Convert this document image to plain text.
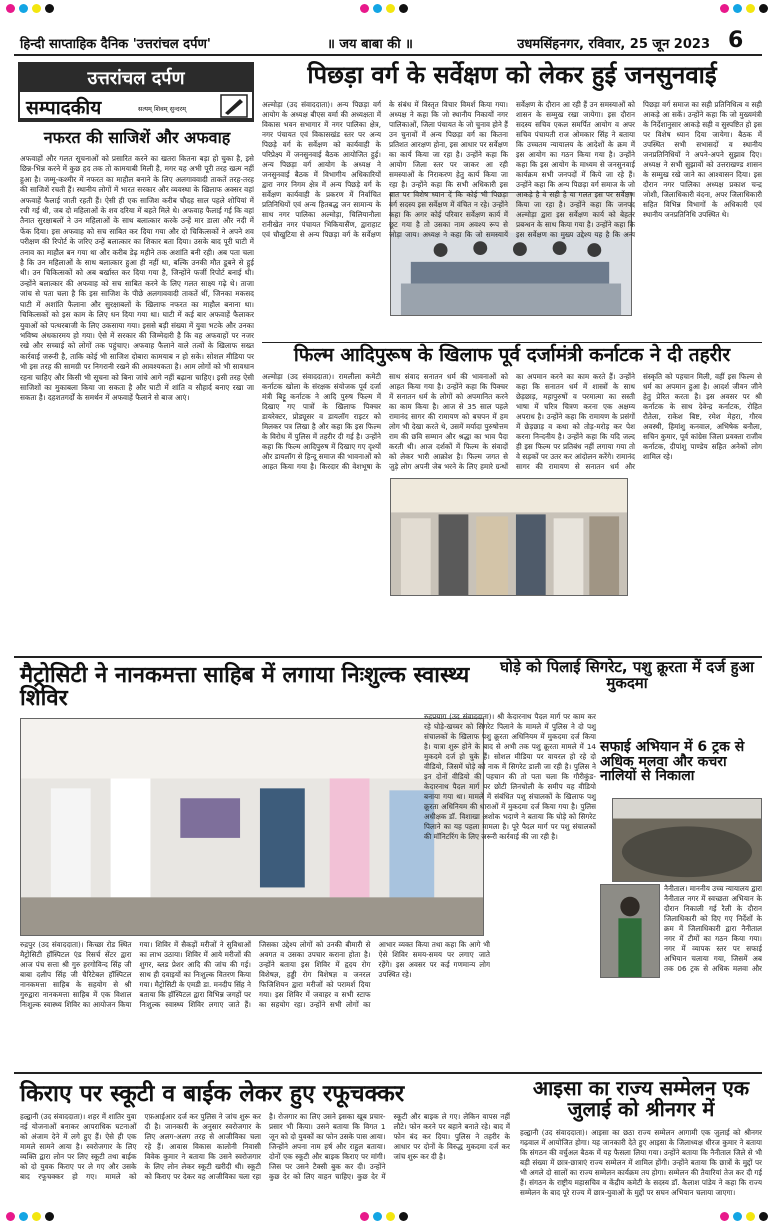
हिन्दी साप्ताहिक दैनिक 'उत्तरांचल दर्पण'	॥ जय बाबा की ॥	उधमसिंहनगर, रविवार, 25 जून 2023 6
उत्तरांचल दर्पण
सम्पादकीय	सत्यम् शिवम् सुन्दरम्
नफरत की साजिशें और अफवाह
अफवाहों और गलत सूचनाओं को प्रसारित करने का खतरा कितना बड़ा हो चुका है, इसे छिन्न-भिन्न करने में कुछ हद तक तो कामयाबी मिली है, मगर यह अभी पूरी तरह खत्म नहीं हुआ है। जम्मू-कश्मीर में नफरत का माहौल बनाने के लिए अलगाववादी ताकतें तरह-तरह की साजिशें रचती हैं। स्थानीय लोगों में भारत सरकार और व्यवस्था के खिलाफ अक्सर वहां अफवाहें फैलाई जाती रहती हैं। ऐसी ही एक साजिश करीब चौदह साल पहले शोपियां में रची गई थी, जब दो महिलाओं के शव दरिया में बहते मिले थे। अफवाह फैलाई गई कि वहां तैनात सुरक्षाबलों ने उन महिलाओं के साथ बलात्कार करके उन्हें मार डाला और नदी में फेंक दिया। इस अफवाह को सच साबित कर दिया गया और दो चिकित्सकों ने अपने शव परीक्षण की रिपोर्ट के जरिए उन्हें बलात्कार का शिकार बता दिया। उसके बाद पूरी घाटी में तनाव का माहौल बन गया था और करीब डेढ़ महीने तक अशांति बनी रही। अब पता चला है कि उन महिलाओं के साथ बलात्कार हुआ ही नहीं था, बल्कि उनकी मौत डूबने से हुई थी। उन चिकित्सकों को अब बर्खास्त कर दिया गया है, जिन्होंने फर्जी रिपोर्ट बनाई थी। उन्होंने बलात्कार की अफवाह को सच साबित करने के लिए गलत साक्ष्य गढ़े थे। ताजा जांच से पता चला है कि इस साजिश के पीछे अलगाववादी ताकतें थीं, जिनका मकसद घाटी में अशांति फैलाना और सुरक्षाबलों के खिलाफ नफरत का माहौल बनाना था। चिकित्सकों को इस काम के लिए धन दिया गया था। घाटी में कई बार अफवाहें फैलाकर युवाओं को पत्थरबाजी के लिए उकसाया गया। इससे बड़ी संख्या में युवा भटके और उनका भविष्य अंधकारमय हो गया। ऐसे में सरकार की जिम्मेदारी है कि वह अफवाहों पर नजर रखे और सच्चाई को लोगों तक पहुंचाए। अफवाह फैलाने वाले तत्वों के खिलाफ सख्त कार्रवाई जरूरी है, ताकि कोई भी साजिश दोबारा कामयाब न हो सके। सोशल मीडिया पर भी इस तरह की सामग्री पर निगरानी रखने की आवश्यकता है। आम लोगों को भी सावधान रहना चाहिए और किसी भी सूचना को बिना जांचे आगे नहीं बढ़ाना चाहिए। इसी तरह ऐसी साजिशों का मुकाबला किया जा सकता है और घाटी में शांति व सौहार्द बनाए रखा जा सकता है। दहशतगर्दों के समर्थन में अफवाहें फैलाने से बाज आएं।
पिछड़ा वर्ग के सर्वेक्षण को लेकर हुई जनसुनवाई
अल्मोड़ा (उद संवाददाता)। अन्य पिछड़ा वर्ग आयोग के अध्यक्ष बीएस वर्मा की अध्यक्षता में विकास भवन सभागार में नगर पालिका क्षेत्र, नगर पंचायत एवं विकासखंड स्तर पर अन्य पिछड़े वर्ग के सर्वेक्षण को कार्यवाही के परिप्रेक्ष्य में जनसुनवाई बैठक आयोजित हुई। अन्य पिछड़ा वर्ग आयोग के अध्यक्ष ने जनसुनवाई बैठक में विभागीय अधिकारियों द्वारा नगर निगम क्षेत्र में अन्य पिछड़े वर्ग के सर्वेक्षण कार्यवाही के प्रकरण में निर्वाचित प्रतिनिधियों एवं अन्य हितबद्ध जन सामान्य के साथ नगर पालिका अल्मोड़ा, चिलियानौला रानीखेत नगर पंचायत भिकियासैंण, द्वाराहाट एवं चौखुटिया से अन्य पिछड़ा वर्ग के सर्वेक्षण के संबंध में विस्तृत विचार विमर्श किया गया। अध्यक्ष ने कहा कि जो स्थानीय निकायों नगर पालिकाओं, जिला पंचायत के जो चुनाव होने हैं उन चुनावों में अन्य पिछड़ा वर्ग का कितना प्रतिशत आरक्षण होना, इस आधार पर सर्वेक्षण का कार्य किया जा रहा है। उन्होंने कहा कि आयोग जिला स्तर पर जाकर आ रही समस्याओं के निराकरण हेतु कार्य किया जा रहा है। उन्होंने कहा कि सभी अधिकारी इस बात पर विशेष ध्यान दें कि कोई भी पिछड़ा वर्ग सदस्य इस सर्वेक्षण में वंचित न रहे। उन्होंने कहा कि अगर कोई परिवार सर्वेक्षण कार्य में छूट गया है तो उसका नाम अवश्य रूप से जोड़ा जाय। अध्यक्ष ने कहा कि जो समस्यायें सर्वेक्षण के दौरान आ रही हैं उन समस्याओं को शासन के सम्मुख रखा जायेगा। इस दौरान सदस्य सचिव एकल समर्पित आयोग व अपर सचिव पंचायती राज ओमकार सिंह ने बताया कि उच्चतम न्यायालय के आदेशों के क्रम में इस आयोग का गठन किया गया है। उन्होंने कहा कि इस आयोग के माध्यम से जनसुनवाई कार्यक्रम सभी जनपदों में किये जा रहे हैं। उन्होंने कहा कि अन्य पिछड़ा वर्ग समाज के जो आकड़े है वे सही है या गलत इस पर सर्वेक्षण किया जा रहा है। उन्होंने कहा कि जनपद अल्मोड़ा द्वारा इस सर्वेक्षण कार्य को बेहतर प्रबन्धन के साथ किया गया है। उन्होंने कहा कि इस सर्वेक्षण का मुख्य उद्देश्य यह है कि अन्य पिछड़ा वर्ग समाज का सही प्रतिनिधित्व व सही आकड़े आ सकें। उन्होंने कहा कि जो मुख्यमंत्री के निर्देशानुसार आकड़े सही व सुस्पष्टित हो इस पर विशेष ध्यान दिया जायेगा। बैठक में उपस्थित सभी सभासदों व स्थानीय जनप्रतिनिधियों ने अपने-अपने सुझाव दिए। अध्यक्ष ने सभी सुझावों को उत्तराखण्ड शासन के सम्मुख रखे जाने का आश्वासन दिया। इस दौरान नगर पालिका अध्यक्ष प्रकाश चन्द्र जोशी, जिलाधिकारी वंदना, अपर जिलाधिकारी सहित विभिन्न विभागों के अधिकारी एवं स्थानीय जनप्रतिनिधि उपस्थित थे।
फिल्म आदिपुरूष के खिलाफ पूर्व दर्जामंत्री कर्नाटक ने दी तहरीर
अल्मोड़ा (उद संवाददाता)। रामलीला कमेटी कर्नाटक खोला के संरक्षक संयोजक पूर्व दर्जा मंत्री बिट्टू कर्नाटक ने आदि पुरुष फिल्म में दिखाए गए पात्रों के खिलाफ पिक्चर डायरेक्टर, प्रोड्यूसर व डायलॉग राइटर को मिलकर पत्र लिखा है और कहा कि इस फिल्म के विरोध में पुलिस में तहरीर दी गई है। उन्होंने कहा कि फिल्म आदिपुरुष में दिखाए गए दृश्यों और डायलॉग से हिन्दू समाज की भावनाओं को आहत किया गया है। किरदार की वेशभूषा के साथ संवाद सनातन धर्म की भावनाओं को आहत किया गया है। उन्होंने कहा कि पिक्चर में सनातन धर्म के लोगों को अपमानित करने का काम किया है। आज से 35 साल पहले रामानंद सागर की रामायण को बचपन में हम लोग भी देखा करते थे, उसमें मर्यादा पुरुषोत्तम राम की छवि सम्मान और श्रद्धा का भाव पैदा करती थी। आज दर्शकों में फिल्म के संवादों को लेकर भारी आक्रोश है। फिल्म जगत से जुड़े लोग अपनी जेब भरने के लिए हमारे ग्रन्थों का अपमान करने का काम करते हैं। उन्होंने कहा कि सनातन धर्म में शास्त्रों के साथ छेड़छाड़, महापुरुषों व परमात्मा का सस्ती भाषा में चरित्र चित्रण करना एक अक्षम्य अपराध है। उन्होंने कहा कि रामायण के प्रसंगों में छेड़छाड़ व कथा को तोड़-मरोड़ कर पेश करना निन्दनीय है। उन्होंने कहा कि यदि जल्द ही इस फिल्म पर प्रतिबंध नहीं लगाया गया तो वे सड़कों पर उतर कर आंदोलन करेंगे। रामानंद सागर की रामायण से सनातन धर्म और संस्कृति को पहचान मिली, वहीं इस फिल्म से धर्म का अपमान हुआ है। आदर्श जीवन जीने हेतु प्रेरित करता है। इस अवसर पर श्री कर्नाटक के साथ देवेन्द्र कर्नाटक, रोहित रौतेला, राकेश बिष्ट, रमेश मेहरा, गौरव अवस्थी, हिमांशु कनवाल, अभिषेक बनौला, सचिन कुमार, पूर्व कांग्रेस जिला प्रवक्ता राजीव कर्नाटक, दीपांशु पाण्डेय सहित अनेकों लोग शामिल रहे।
मैट्रोसिटी ने नानकमत्ता साहिब में लगाया निःशुल्क स्वास्थ्य शिविर
रुद्रपुर (उद संवाददाता)। किच्छा रोड स्थित मैट्रोसिटी हॉस्पिटल एंड रिसर्च सेंटर द्वारा आज पंच सत्ता श्री गुरु हरगोविन्द सिंह जी बाबा दलीप सिंह जी चैरिटेबल हॉस्पिटल नानकमत्ता साहिब के सहयोग से श्री गुरुद्वारा नानकमत्ता साहिब में एक विशाल निःशुल्क स्वास्थ्य शिविर का आयोजन किया गया। शिविर में सैकड़ों मरीजों ने सुविधाओं का लाभ उठाया। शिविर में आये मरीजों की शुगर, ब्लड प्रेशर आदि की जांच की गई। साथ ही दवाइयों का निःशुल्क वितरण किया गया। मैट्रोसिटी के एमडी डा. मनदीप सिंह ने बताया कि हॉस्पिटल द्वारा विभिन्न जगहों पर निःशुल्क स्वास्थ्य शिविर लगाए जाते हैं। जिसका उद्देश्य लोगों को उनकी बीमारी से अवगत व उसका उपचार कराना होता है। उन्होंने बताया इस शिविर में हृदय रोग विशेषज्ञ, हड्डी रोग विशेषज्ञ व जनरल फिजिशियन द्वारा मरीजों को परामर्श दिया गया। इस शिविर में जवाहर व सभी स्टाफ का सहयोग रहा। उन्होंने सभी लोगों का आभार व्यक्त किया तथा कहा कि आगे भी ऐसे शिविर समय-समय पर लगाए जाते रहेंगे। इस अवसर पर कई गणमान्य लोग उपस्थित रहे।
घोड़े को पिलाई सिगरेट, पशु क्रूरता में दर्ज हुआ मुकदमा
रुद्रप्रयाग (उद संवाददाता)। श्री केदारनाथ पैदल मार्ग पर काम कर रहे घोड़े-खच्चर को सिगरेट पिलाने के मामले में पुलिस ने दो पशु संचालकों के खिलाफ पशु क्रूरता अधिनियम में मुकदमा दर्ज किया है। यात्रा शुरू होने के बाद से अभी तक पशु क्रूरता मामले में 14 मुकदमे दर्ज हो चुके हैं। सोशल मीडिया पर वायरल हो रहे दो वीडियो, जिसमें घोड़े को नाक में सिगरेट डाली जा रही है। पुलिस ने इन दोनों वीडियो की पहचान की तो पता चला कि गौरीकुंड-केदारनाथ पैदल मार्ग पर छोटी लिनचोली के समीप यह वीडियो बनाया गया था। मामले में संबंधित पशु संचालकों के खिलाफ पशु क्रूरता अधिनियम की धाराओं में मुकदमा दर्ज किया गया है। पुलिस अधीक्षक डॉ. विशाखा अशोक भदाणे ने बताया कि घोड़े को सिगरेट पिलाने का यह पहला मामला है। पूरे पैदल मार्ग पर पशु संचालकों की मॉनिटरिंग के लिए जरूरी कार्रवाई की जा रही है।
सफाई अभियान में 6 ट्रक से अधिक मलवा और कचरा नालियों से निकाला
नैनीताल। माननीय उच्च न्यायालय द्वारा नैनीताल नगर में स्वच्छता अभियान के दौरान निकाली गई रैली के दौरान जिलाधिकारी को दिए गए निर्देशों के क्रम में जिलाधिकारी द्वारा नैनीताल नगर में टीमों का गठन किया गया। नगर में व्यापक स्तर पर सफाई अभियान चलाया गया, जिसमें अब तक 06 ट्रक से अधिक मलवा और
किराए पर स्कूटी व बाईक लेकर हुए रफूचक्कर
हल्द्वानी (उद संवाददाता)। शहर में शातिर युवा नई योजनाओं बनाकर आपराधिक घटनाओं को अंजाम देने में लगे हुए हैं। ऐसे ही एक मामले सामने आया है। स्वरोजगार के लिए व्यक्ति द्वारा लोन पर लिए स्कूटी तथा बाईक को दो युवक किराए पर ले गए और उसके बाद रफूचक्कर हो गए। मामले को एफ़आईआर दर्ज कर पुलिस ने जांच शुरू कर दी है। जानकारी के अनुसार स्वरोजगार के लिए अलग-अलग तरह से आजीविका चला रहे हैं। आवास विकास कालोनी निवासी विवेक कुमार ने बताया कि उसने स्वरोजगार के लिए लोन लेकर स्कूटी खरीदी थी। स्कूटी को किराए पर देकर वह आजीविका चला रहा है। रोजगार का लिए उसने इसका खूब प्रचार-प्रसार भी किया। उसने बताया कि विगत 1 जून को दो युवकों का फोन उसके पास आया। जिन्होंने अपना नाम हर्ष और राहुल बताया। दोनों एक स्कूटी और बाइक किराए पर मांगी। जिस पर उसने टैक्सी बुक कर दी। उन्होंने कुछ देर को लिए वाहन चाहिए। कुछ देर में स्कूटी और बाइक ले गए। लेकिन वापस नहीं लौटे। फोन करने पर बहाने बनाते रहे। बाद में फोन बंद कर दिया। पुलिस ने तहरीर के आधार पर दोनों के विरुद्ध मुकदमा दर्ज कर जांच शुरू कर दी है।
आइसा का राज्य सम्मेलन एक जुलाई को श्रीनगर में
हल्द्वानी (उद संवाददाता)। आइसा का छठा राज्य सम्मेलन आगामी एक जुलाई को श्रीनगर गढ़वाल में आयोजित होगा। यह जानकारी देते हुए आइसा के जिलाध्यक्ष धीरज कुमार ने बताया कि संगठन की वर्चुअल बैठक में यह फैसला लिया गया। उन्होंने बताया कि नैनीताल जिले से भी बड़ी संख्या में छात्र-छात्राएं राज्य सम्मेलन में शामिल होंगी। उन्होंने बताया कि छात्रों के मुद्दों पर भी अगले दो सालों का राज्य सम्मेलन कार्यक्रम तय होगा। सम्मेलन की तैयारियां तेज कर दी गई हैं। संगठन के राष्ट्रीय महासचिव व केंद्रीय कमेटी के सदस्य डॉ. कैलाश पांडेय ने कहा कि राज्य सम्मेलन के बाद पूरे राज्य में छात्र-युवाओं के मुद्दों पर सघन अभियान चलाया जाएगा।
